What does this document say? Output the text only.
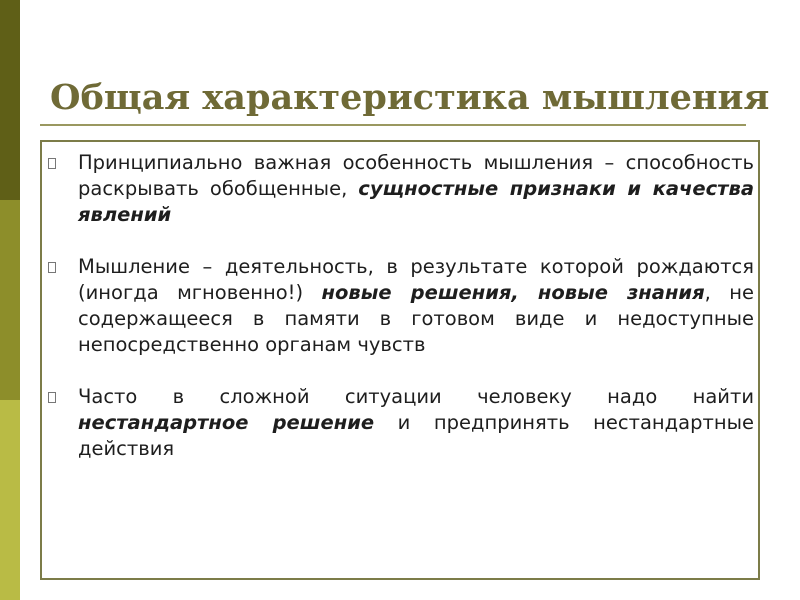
Общая характеристика мышления
Принципиально важная особенность мышления – способность раскрывать обобщенные, сущностные признаки и качества явлений
Мышление – деятельность, в результате которой рождаются (иногда мгновенно!) новые решения, новые знания, не содержащееся в памяти в готовом виде и недоступные непосредственно органам чувств
Часто в сложной ситуации человеку надо найти нестандартное решение и предпринять нестандартные действия
